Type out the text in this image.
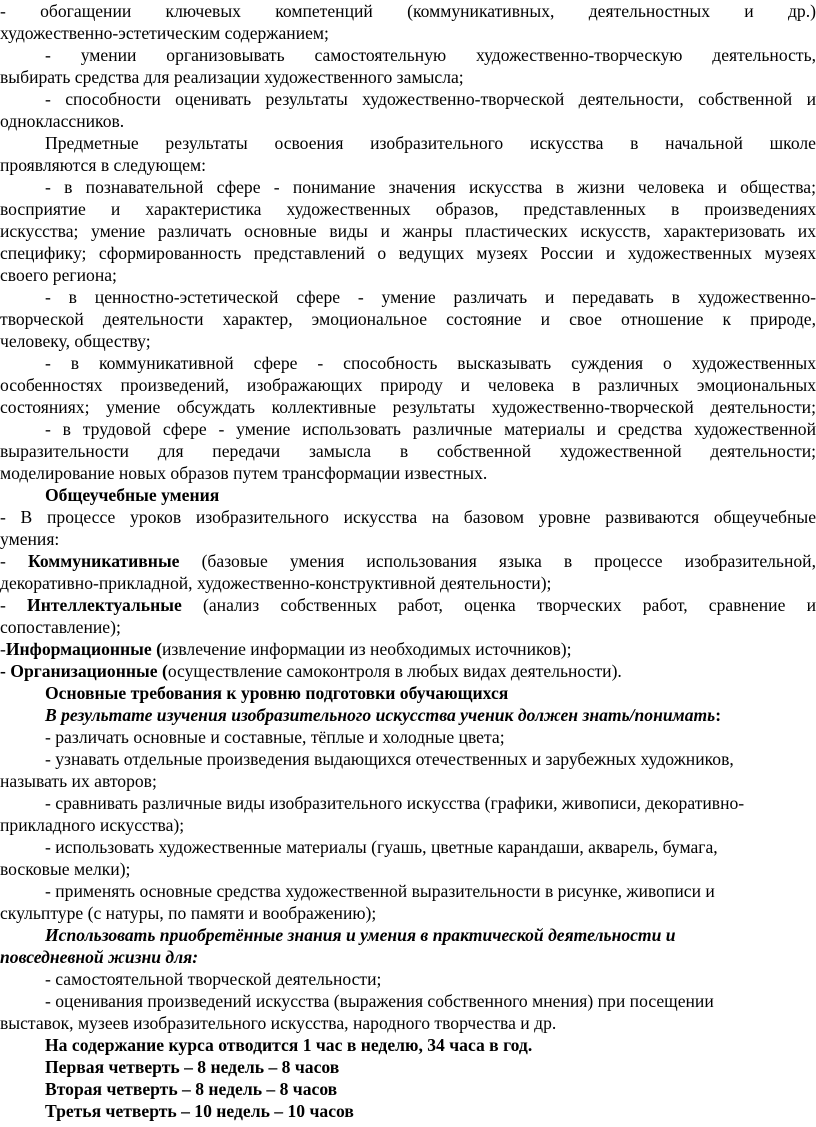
- обогащении ключевых компетенций (коммуникативных, деятельностных и др.)
художественно-эстетическим содержанием;
- умении организовывать самостоятельную художественно-творческую деятельность,
выбирать средства для реализации художественного замысла;
- способности оценивать результаты художественно-творческой деятельности, собственной и
одноклассников.
Предметные результаты освоения изобразительного искусства в начальной школе
проявляются в следующем:
- в познавательной сфере - понимание значения искусства в жизни человека и общества;
восприятие и характеристика художественных образов, представленных в произведениях
искусства; умение различать основные виды и жанры пластических искусств, характеризовать их
специфику; сформированность представлений о ведущих музеях России и художественных музеях
своего региона;
- в ценностно-эстетической сфере - умение различать и передавать в художественно-
творческой деятельности характер, эмоциональное состояние и свое отношение к природе,
человеку, обществу;
- в коммуникативной сфере - способность высказывать суждения о художественных
особенностях произведений, изображающих природу и человека в различных эмоциональных
состояниях; умение обсуждать коллективные результаты художественно-творческой деятельности;
- в трудовой сфере - умение использовать различные материалы и средства художественной
выразительности для передачи замысла в собственной художественной деятельности;
моделирование новых образов путем трансформации известных.
Общеучебные умения
- В процессе уроков изобразительного искусства на базовом уровне развиваются общеучебные
умения:
- Коммуникативные (базовые умения использования языка в процессе изобразительной,
декоративно-прикладной, художественно-конструктивной деятельности);
- Интеллектуальные (анализ собственных работ, оценка творческих работ, сравнение и
сопоставление);
-Информационные (извлечение информации из необходимых источников);
- Организационные (осуществление самоконтроля в любых видах деятельности).
Основные требования к уровню подготовки обучающихся
В результате изучения изобразительного искусства ученик должен знать/понимать:
- различать основные и составные, тёплые и холодные цвета;
- узнавать отдельные произведения выдающихся отечественных и зарубежных художников,
называть их авторов;
- сравнивать различные виды изобразительного искусства (графики, живописи, декоративно-
прикладного искусства);
- использовать художественные материалы (гуашь, цветные карандаши, акварель, бумага,
восковые мелки);
- применять основные средства художественной выразительности в рисунке, живописи и
скульптуре (с натуры, по памяти и воображению);
Использовать приобретённые знания и умения в практической деятельности и
повседневной жизни для:
- самостоятельной творческой деятельности;
- оценивания произведений искусства (выражения собственного мнения) при посещении
выставок, музеев изобразительного искусства, народного творчества и др.
На содержание курса отводится 1 час в неделю, 34 часа в год.
Первая четверть – 8 недель – 8 часов
Вторая четверть – 8 недель – 8 часов
Третья четверть – 10 недель – 10 часов
